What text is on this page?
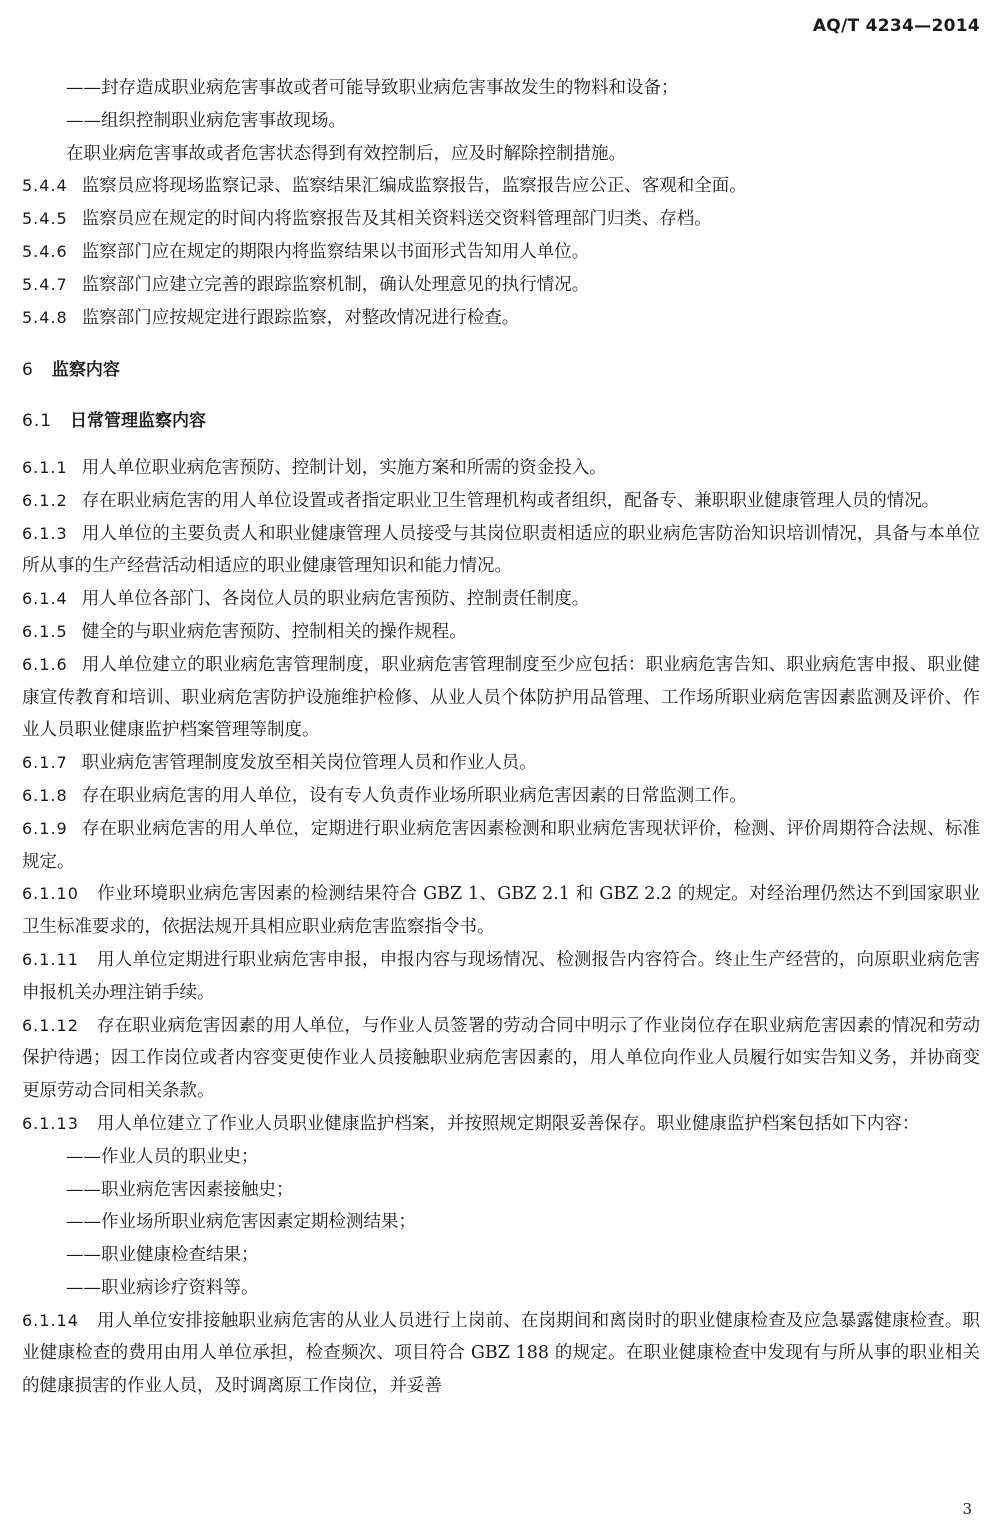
AQ/T 4234—2014

——封存造成职业病危害事故或者可能导致职业病危害事故发生的物料和设备；

——组织控制职业病危害事故现场。

在职业病危害事故或者危害状态得到有效控制后，应及时解除控制措施。

5.4.4 监察员应将现场监察记录、监察结果汇编成监察报告，监察报告应公正、客观和全面。

5.4.5 监察员应在规定的时间内将监察报告及其相关资料送交资料管理部门归类、存档。

5.4.6 监察部门应在规定的期限内将监察结果以书面形式告知用人单位。

5.4.7 监察部门应建立完善的跟踪监察机制，确认处理意见的执行情况。

5.4.8 监察部门应按规定进行跟踪监察，对整改情况进行检查。

6 监察内容

6.1 日常管理监察内容

6.1.1 用人单位职业病危害预防、控制计划，实施方案和所需的资金投入。

6.1.2 存在职业病危害的用人单位设置或者指定职业卫生管理机构或者组织，配备专、兼职职业健康管理人员的情况。

6.1.3 用人单位的主要负责人和职业健康管理人员接受与其岗位职责相适应的职业病危害防治知识培训情况，具备与本单位所从事的生产经营活动相适应的职业健康管理知识和能力情况。

6.1.4 用人单位各部门、各岗位人员的职业病危害预防、控制责任制度。

6.1.5 健全的与职业病危害预防、控制相关的操作规程。

6.1.6 用人单位建立的职业病危害管理制度，职业病危害管理制度至少应包括：职业病危害告知、职业病危害申报、职业健康宣传教育和培训、职业病危害防护设施维护检修、从业人员个体防护用品管理、工作场所职业病危害因素监测及评价、作业人员职业健康监护档案管理等制度。

6.1.7 职业病危害管理制度发放至相关岗位管理人员和作业人员。

6.1.8 存在职业病危害的用人单位，设有专人负责作业场所职业病危害因素的日常监测工作。

6.1.9 存在职业病危害的用人单位，定期进行职业病危害因素检测和职业病危害现状评价，检测、评价周期符合法规、标准规定。

6.1.10 作业环境职业病危害因素的检测结果符合 GBZ 1、GBZ 2.1 和 GBZ 2.2 的规定。对经治理仍然达不到国家职业卫生标准要求的，依据法规开具相应职业病危害监察指令书。

6.1.11 用人单位定期进行职业病危害申报，申报内容与现场情况、检测报告内容符合。终止生产经营的，向原职业病危害申报机关办理注销手续。

6.1.12 存在职业病危害因素的用人单位，与作业人员签署的劳动合同中明示了作业岗位存在职业病危害因素的情况和劳动保护待遇；因工作岗位或者内容变更使作业人员接触职业病危害因素的，用人单位向作业人员履行如实告知义务，并协商变更原劳动合同相关条款。

6.1.13 用人单位建立了作业人员职业健康监护档案，并按照规定期限妥善保存。职业健康监护档案包括如下内容：

——作业人员的职业史；

——职业病危害因素接触史；

——作业场所职业病危害因素定期检测结果；

——职业健康检查结果；

——职业病诊疗资料等。

6.1.14 用人单位安排接触职业病危害的从业人员进行上岗前、在岗期间和离岗时的职业健康检查及应急暴露健康检查。职业健康检查的费用由用人单位承担，检查频次、项目符合 GBZ 188 的规定。在职业健康检查中发现有与所从事的职业相关的健康损害的作业人员，及时调离原工作岗位，并妥善

3
